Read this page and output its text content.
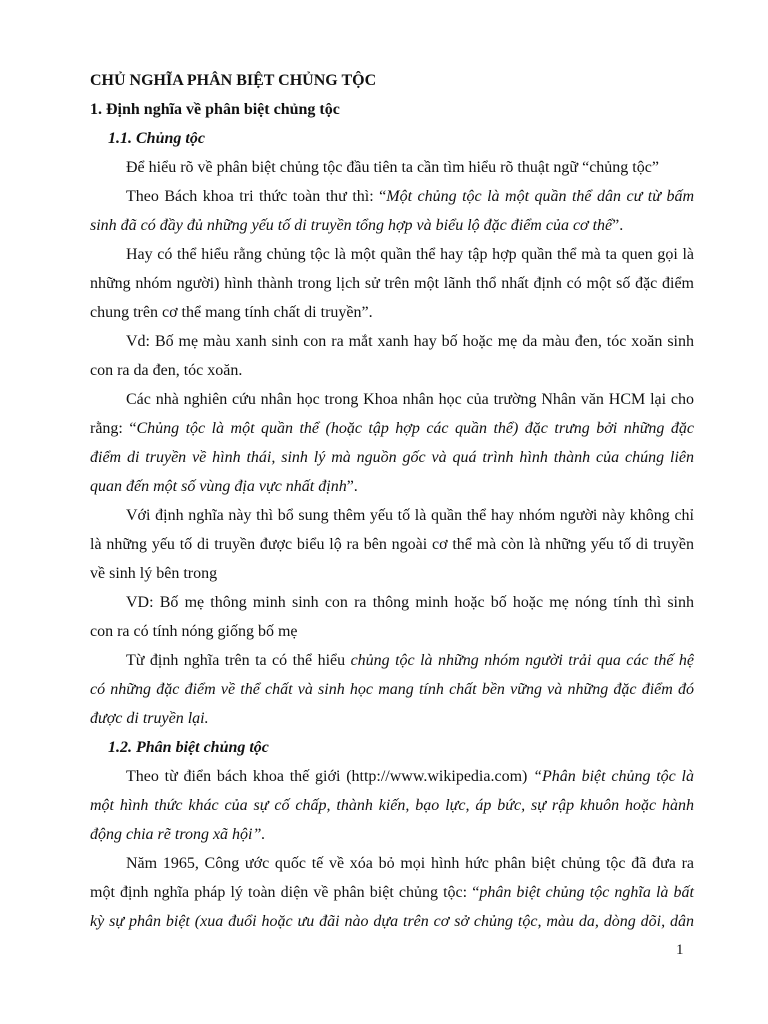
CHỦ NGHĨA PHÂN BIỆT CHỦNG TỘC
1. Định nghĩa về phân biệt chủng tộc
1.1. Chủng tộc
Để hiểu rõ về phân biệt chủng tộc đầu tiên ta cần tìm hiểu rõ thuật ngữ “chủng tộc”
Theo Bách khoa tri thức toàn thư thì: “Một chủng tộc là một quần thể dân cư từ bấm
sinh đã có đầy đủ những yếu tố di truyền tổng hợp và biểu lộ đặc điểm của cơ thể”.
Hay có thể hiểu rằng chủng tộc là một quần thể hay tập hợp quần thể mà ta quen gọi là
những nhóm người) hình thành trong lịch sử trên một lãnh thổ nhất định có một số đặc điểm
chung trên cơ thể mang tính chất di truyền”.
Vd: Bố mẹ màu xanh sinh con ra mắt xanh hay bố hoặc mẹ da màu đen, tóc xoăn sinh
con ra da đen, tóc xoăn.
Các nhà nghiên cứu nhân học trong Khoa nhân học của trường Nhân văn HCM lại cho
rằng: “Chủng tộc là một quần thể (hoặc tập hợp các quần thể) đặc trưng bởi những đặc
điểm di truyền về hình thái, sinh lý mà nguồn gốc và quá trình hình thành của chúng liên
quan đến một số vùng địa vực nhất định”.
Với định nghĩa này thì bổ sung thêm yếu tố là quần thể hay nhóm người này không chỉ
là những yếu tố di truyền được biểu lộ ra bên ngoài cơ thể mà còn là những yếu tố di truyền
về sinh lý bên trong
VD: Bố mẹ thông minh sinh con ra thông minh hoặc bố hoặc mẹ nóng tính thì sinh
con ra có tính nóng giống bố mẹ
Từ định nghĩa trên ta có thể hiểu chủng tộc là những nhóm người trải qua các thế hệ
có những đặc điểm về thể chất và sinh học mang tính chất bền vững và những đặc điểm đó
được di truyền lại.
1.2. Phân biệt chủng tộc
Theo từ điển bách khoa thế giới (http://www.wikipedia.com) “Phân biệt chủng tộc là
một hình thức khác của sự cố chấp, thành kiến, bạo lực, áp bức, sự rập khuôn hoặc hành
động chia rẽ trong xã hội”.
Năm 1965, Công ước quốc tế về xóa bỏ mọi hình hức phân biệt chủng tộc đã đưa ra
một định nghĩa pháp lý toàn diện về phân biệt chủng tộc: “phân biệt chủng tộc nghĩa là bất
kỳ sự phân biệt (xua đuổi hoặc ưu đãi nào dựa trên cơ sở chủng tộc, màu da, dòng dõi, dân
1
